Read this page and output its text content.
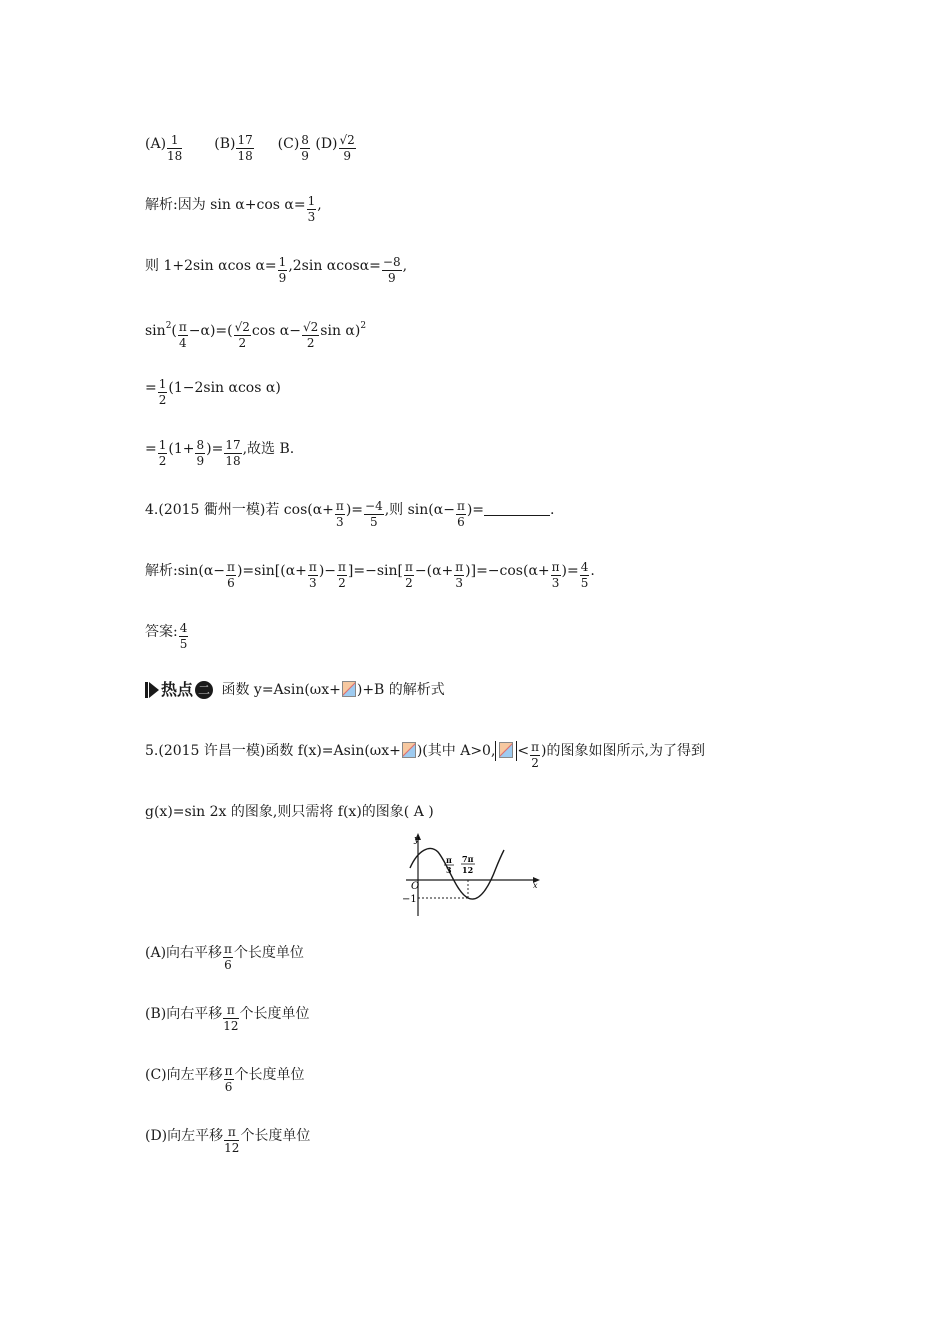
$(A) \frac{1}{18} (B) \frac{17}{18} (C) \frac{8}{9} (D) \frac{√2}{9}$
解析:因为 sin α+cos $\alpha= \frac{1}{3}$ ,
则 1+2sin αcos $\alpha= \frac{1}{9} ,2\sin$ $\alpha\cos\alpha= \frac{-8}{9}$ ,
$\sin^2( \frac{\pi}{4} -\alpha)=( \frac{√2}{2}$ $\cos \alpha- \frac{√2}{2}$ $\sin \alpha)^2$
= $\frac{1}{2} (1-2\sin$ αcos α)
= $\frac{1}{2} (1+ \frac{8}{9}$ )= $\frac{17}{18}$ ,故选 B.
4.(2015 衢州一模)若 $\cos(\alpha+ \frac{\pi}{3}$ )= $\frac{-4}{5}$ ,则 $\sin(\alpha- \frac{\pi}{6}$ )=	.
解析:sin(α− $\frac{\pi}{6} )=\sin[(\alpha+ \frac{\pi}{3}$ )− $\frac{\pi}{2} ]=-\sin[ \frac{\pi}{2} -(\alpha+ \frac{\pi}{3} )]=-\cos(\alpha+ \frac{\pi}{3}$ )= $\frac{4}{5}$ .
答案: $\frac{4}{5}$
热点 二 函数 y=Asin(ωx+ )+B 的解析式
5.(2015 许昌一模)函数 f(x)=Asin(ωx+ )(其中 A>0, < $\frac{\pi}{2}$ )的图象如图所示,为了得到
g(x)=sin 2x 的图象,则只需将 f(x)的图象( A )
y
x
O
−1
π
3
7π
12
(A)向右平移 $\frac{\pi}{6}$ 个长度单位
(B)向右平移 $\frac{\pi}{12}$ 个长度单位
(C)向左平移 $\frac{\pi}{6}$ 个长度单位
(D)向左平移 $\frac{\pi}{12}$ 个长度单位
